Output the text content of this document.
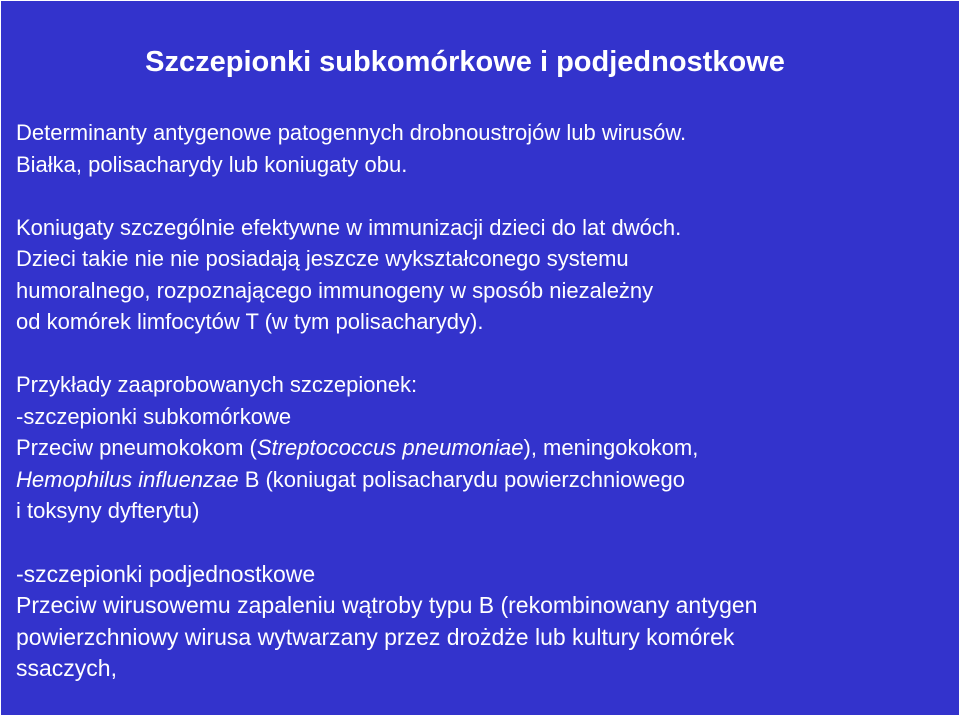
Szczepionki subkomórkowe i podjednostkowe
Determinanty antygenowe patogennych drobnoustrojów lub wirusów.
Białka, polisacharydy lub koniugaty obu.
Koniugaty szczególnie efektywne w immunizacji dzieci do lat dwóch.
Dzieci takie nie nie posiadają jeszcze wykształconego systemu
humoralnego, rozpoznającego immunogeny w sposób niezależny
od komórek limfocytów T (w tym polisacharydy).
Przykłady zaaprobowanych szczepionek:
-szczepionki subkomórkowe
Przeciw pneumokokom (Streptococcus pneumoniae), meningokokom,
Hemophilus influenzae B (koniugat polisacharydu powierzchniowego
i toksyny dyfterytu)
-szczepionki podjednostkowe
Przeciw wirusowemu zapaleniu wątroby typu B (rekombinowany antygen
powierzchniowy wirusa wytwarzany przez drożdże lub kultury komórek
ssaczych,
